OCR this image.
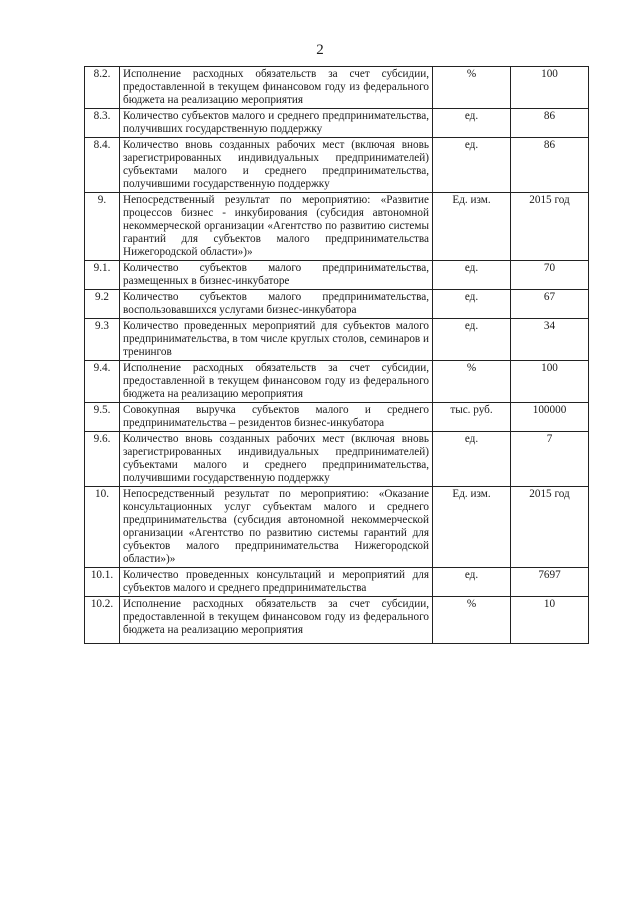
2
8.2.	Исполнение расходных обязательств за счет субсидии, предоставленной в текущем финансовом году из федерального бюджета на реализацию мероприятия	%	100
8.3.	Количество субъектов малого и среднего предпринимательства, получивших государственную поддержку	ед.	86
8.4.	Количество вновь созданных рабочих мест (включая вновь зарегистрированных индивидуальных предпринимателей) субъектами малого и среднего предпринимательства, получившими государственную поддержку	ед.	86
9.	Непосредственный результат по мероприятию: «Развитие процессов бизнес - инкубирования (субсидия автономной некоммерческой организации «Агентство по развитию системы гарантий для субъектов малого предпринимательства Нижегородской области»)»	Ед. изм.	2015 год
9.1.	Количество субъектов малого предпринимательства, размещенных в бизнес-инкубаторе	ед.	70
9.2	Количество субъектов малого предпринимательства, воспользовавшихся услугами бизнес-инкубатора	ед.	67
9.3	Количество проведенных мероприятий для субъектов малого предпринимательства, в том числе круглых столов, семинаров и тренингов	ед.	34
9.4.	Исполнение расходных обязательств за счет субсидии, предоставленной в текущем финансовом году из федерального бюджета на реализацию мероприятия	%	100
9.5.	Совокупная выручка субъектов малого и среднего предпринимательства – резидентов бизнес-инкубатора	тыс. руб.	100000
9.6.	Количество вновь созданных рабочих мест (включая вновь зарегистрированных индивидуальных предпринимателей) субъектами малого и среднего предпринимательства, получившими государственную поддержку	ед.	7
10.	Непосредственный результат по мероприятию: «Оказание консультационных услуг субъектам малого и среднего предпринимательства (субсидия автономной некоммерческой организации «Агентство по развитию системы гарантий для субъектов малого предпринимательства Нижегородской области»)»	Ед. изм.	2015 год
10.1.	Количество проведенных консультаций и мероприятий для субъектов малого и среднего предпринимательства	ед.	7697
10.2.	Исполнение расходных обязательств за счет субсидии, предоставленной в текущем финансовом году из федерального бюджета на реализацию мероприятия	%	10
